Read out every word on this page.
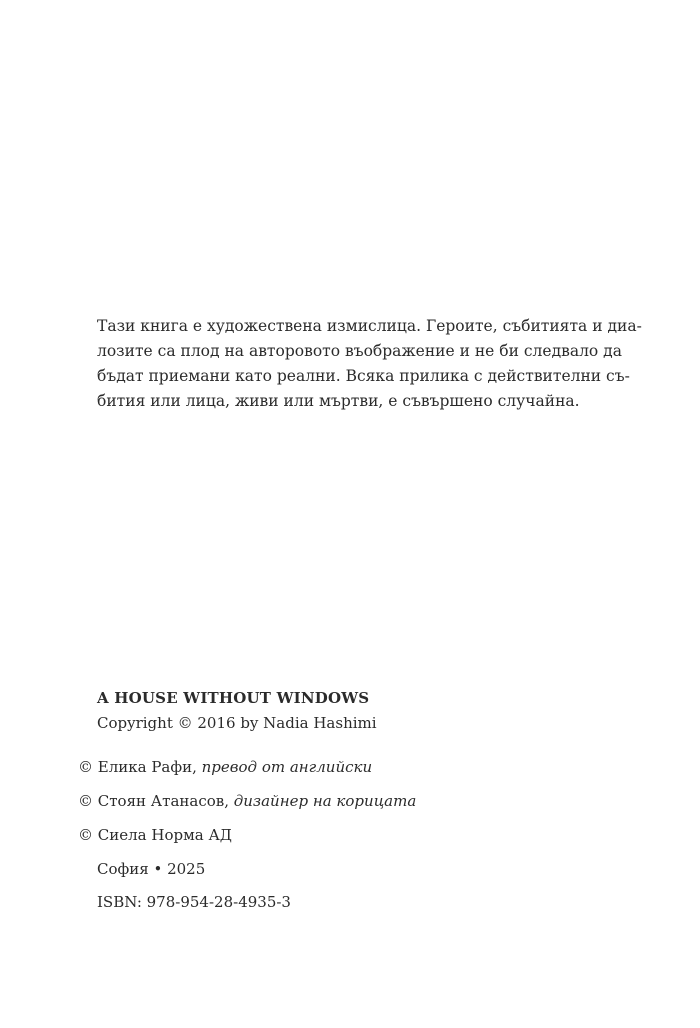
Тази книга е художествена измислица. Героите, събитията и диа-
лозите са плод на авторовото въображение и не би следвало да
бъдат приемани като реални. Всяка прилика с действителни съ-
бития или лица, живи или мъртви, е съвършено случайна.
A HOUSE WITHOUT WINDOWS
Copyright © 2016 by Nadia Hashimi
© Елика Рафи, превод от английски
© Стоян Атанасов, дизайнер на корицата
© Сиела Норма АД
София • 2025
ISBN: 978-954-28-4935-3
